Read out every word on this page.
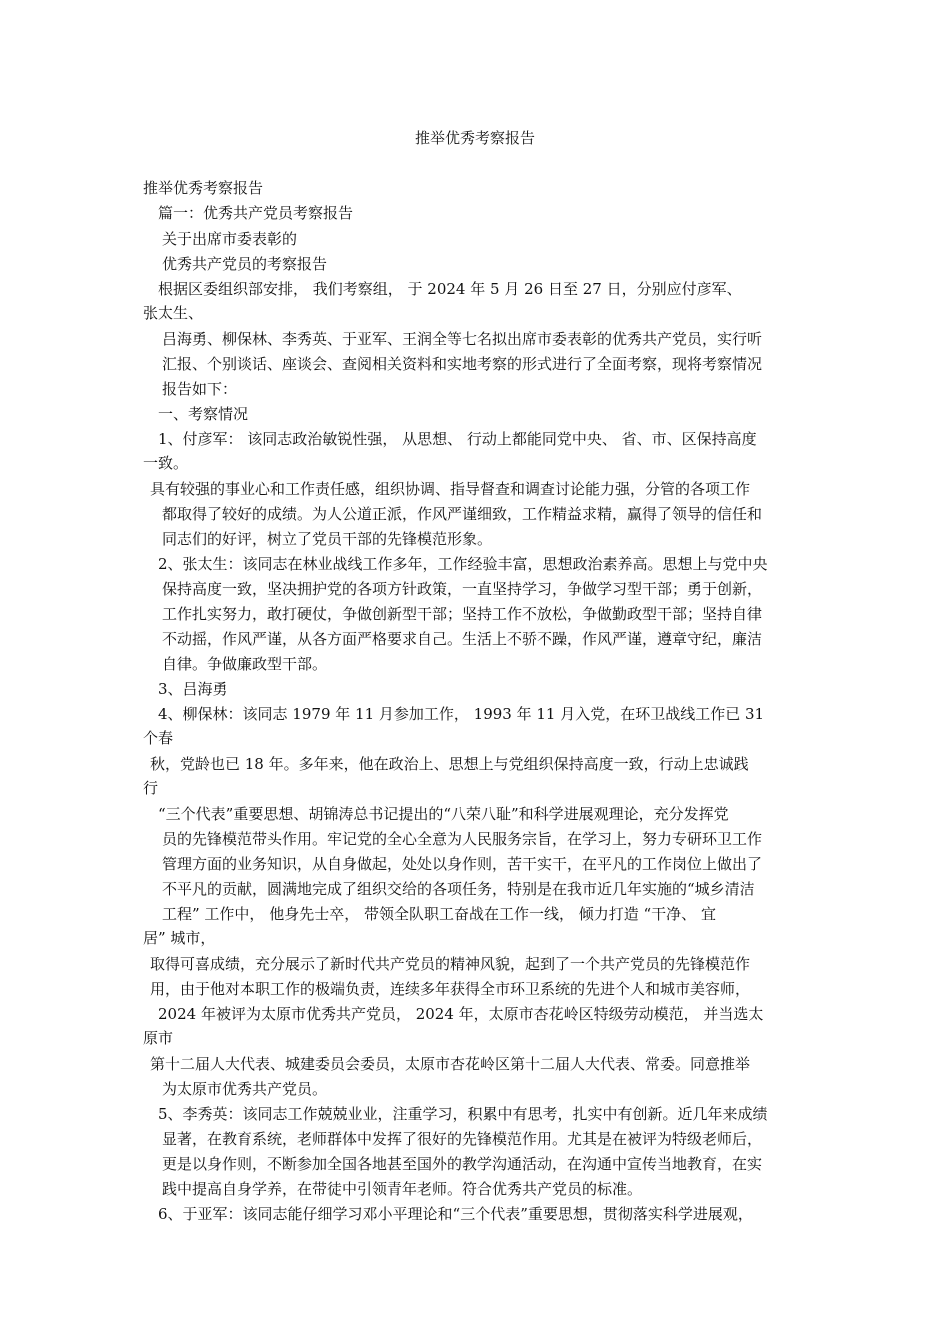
推举优秀考察报告
推举优秀考察报告
篇一：优秀共产党员考察报告
关于出席市委表彰的
优秀共产党员的考察报告
根据区委组织部安排， 我们考察组， 于 2024 年 5 月 26 日至 27 日，分别应付彦军、
张太生、
吕海勇、柳保林、李秀英、于亚军、王润全等七名拟出席市委表彰的优秀共产党员，实行听
汇报、个别谈话、座谈会、查阅相关资料和实地考察的形式进行了全面考察，现将考察情况
报告如下：
一、考察情况
1、付彦军： 该同志政治敏锐性强， 从思想、 行动上都能同党中央、 省、市、区保持高度
一致。
具有较强的事业心和工作责任感，组织协调、指导督查和调查讨论能力强，分管的各项工作
都取得了较好的成绩。为人公道正派，作风严谨细致，工作精益求精，赢得了领导的信任和
同志们的好评，树立了党员干部的先锋模范形象。
2、张太生：该同志在林业战线工作多年，工作经验丰富，思想政治素养高。思想上与党中央
保持高度一致，坚决拥护党的各项方针政策，一直坚持学习，争做学习型干部；勇于创新，
工作扎实努力，敢打硬仗，争做创新型干部；坚持工作不放松，争做勤政型干部；坚持自律
不动摇，作风严谨，从各方面严格要求自己。生活上不骄不躁，作风严谨，遵章守纪，廉洁
自律。争做廉政型干部。
3、吕海勇
4、柳保林：该同志 1979 年 11 月参加工作， 1993 年 11 月入党，在环卫战线工作已 31
个春
秋，党龄也已 18 年。多年来，他在政治上、思想上与党组织保持高度一致，行动上忠诚践
行
“三个代表”重要思想、胡锦涛总书记提出的“八荣八耻”和科学进展观理论，充分发挥党
员的先锋模范带头作用。牢记党的全心全意为人民服务宗旨，在学习上，努力专研环卫工作
管理方面的业务知识，从自身做起，处处以身作则，苦干实干，在平凡的工作岗位上做出了
不平凡的贡献，圆满地完成了组织交给的各项任务，特别是在我市近几年实施的“城乡清洁
工程” 工作中， 他身先士卒， 带领全队职工奋战在工作一线， 倾力打造 “干净、 宜
居” 城市，
取得可喜成绩，充分展示了新时代共产党员的精神风貌，起到了一个共产党员的先锋模范作
用，由于他对本职工作的极端负责，连续多年获得全市环卫系统的先进个人和城市美容师，
2024 年被评为太原市优秀共产党员， 2024 年，太原市杏花岭区特级劳动模范， 并当选太
原市
第十二届人大代表、城建委员会委员，太原市杏花岭区第十二届人大代表、常委。同意推举
为太原市优秀共产党员。
5、李秀英：该同志工作兢兢业业，注重学习，积累中有思考，扎实中有创新。近几年来成绩
显著，在教育系统，老师群体中发挥了很好的先锋模范作用。尤其是在被评为特级老师后，
更是以身作则，不断参加全国各地甚至国外的教学沟通活动，在沟通中宣传当地教育，在实
践中提高自身学养，在带徒中引领青年老师。符合优秀共产党员的标准。
6、于亚军：该同志能仔细学习邓小平理论和“三个代表”重要思想，贯彻落实科学进展观，
